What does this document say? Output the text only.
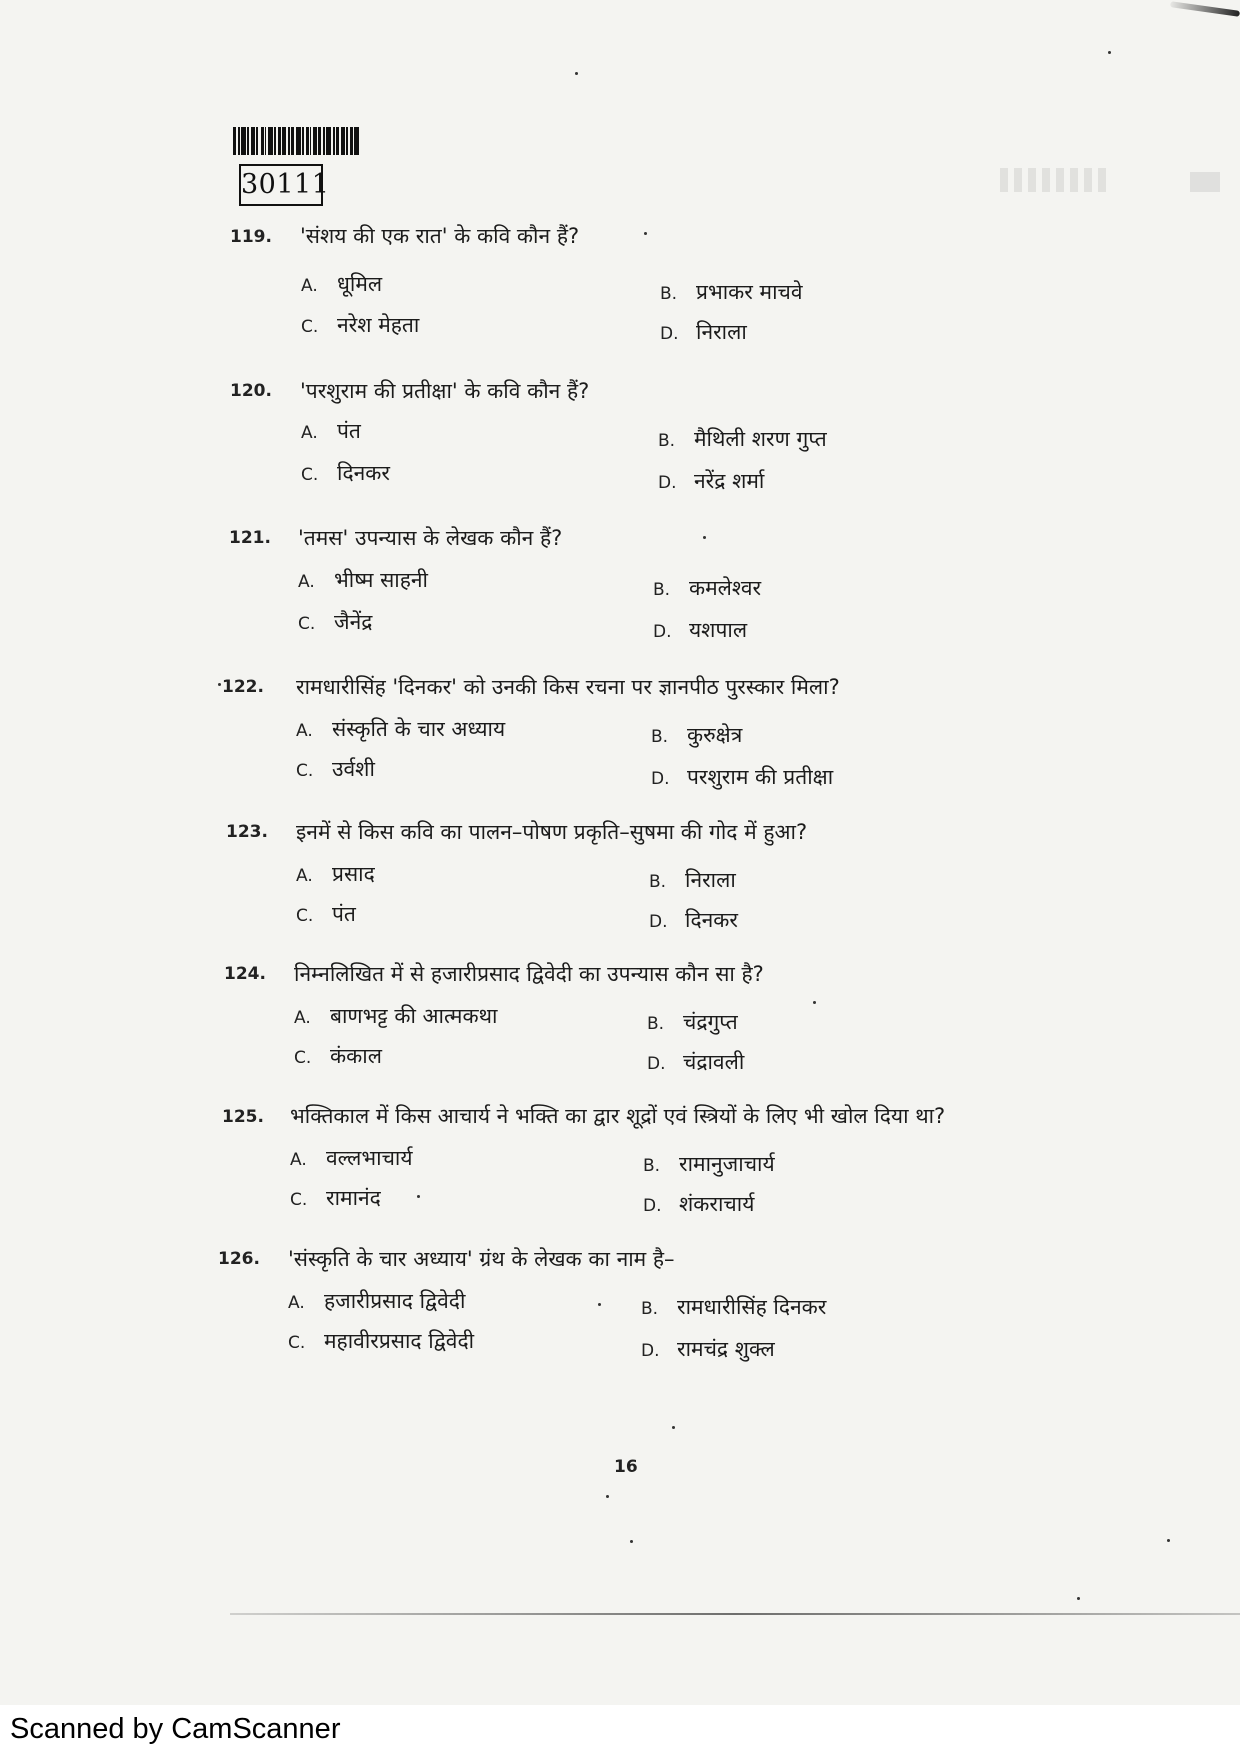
30111
119. 'संशय की एक रात' के कवि कौन हैं?
A. धूमिल	B. प्रभाकर माचवे
C. नरेश मेहता	D. निराला
120. 'परशुराम की प्रतीक्षा' के कवि कौन हैं?
A. पंत	B. मैथिली शरण गुप्त
C. दिनकर	D. नरेंद्र शर्मा
121. 'तमस' उपन्यास के लेखक कौन हैं?
A. भीष्म साहनी	B. कमलेश्वर
C. जैनेंद्र	D. यशपाल
122. रामधारीसिंह 'दिनकर' को उनकी किस रचना पर ज्ञानपीठ पुरस्कार मिला?
A. संस्कृति के चार अध्याय	B. कुरुक्षेत्र
C. उर्वशी	D. परशुराम की प्रतीक्षा
123. इनमें से किस कवि का पालन–पोषण प्रकृति–सुषमा की गोद में हुआ?
A. प्रसाद	B. निराला
C. पंत	D. दिनकर
124. निम्नलिखित में से हजारीप्रसाद द्विवेदी का उपन्यास कौन सा है?
A. बाणभट्ट की आत्मकथा	B. चंद्रगुप्त
C. कंकाल	D. चंद्रावली
125. भक्तिकाल में किस आचार्य ने भक्ति का द्वार शूद्रों एवं स्त्रियों के लिए भी खोल दिया था?
A. वल्लभाचार्य	B. रामानुजाचार्य
C. रामानंद	D. शंकराचार्य
126. 'संस्कृति के चार अध्याय' ग्रंथ के लेखक का नाम है–
A. हजारीप्रसाद द्विवेदी	B. रामधारीसिंह दिनकर
C. महावीरप्रसाद द्विवेदी	D. रामचंद्र शुक्ल
16
Scanned by CamScanner
